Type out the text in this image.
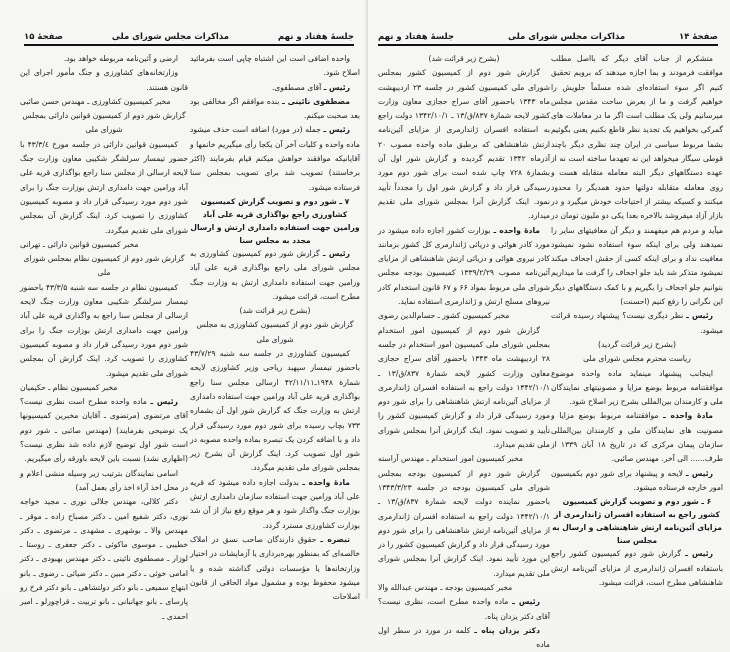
جلسهٔ هفتاد و نهم
مذاکرات مجلس شورای ملی
صفحهٔ ۱۵

واحده اضافی است این اشتباه چاپی است بفرمائید اصلاح شود.

رئیس ـ آقای مصطفوی.

مصطفوی نائینی ـ بنده موافقم اگر مخالفی بود بعد صحبت میکنم.

رئیس ـ جمله (در مورد) اضافه است حذف میشود ماده واحده و کلیات آخر آن یکجا رأی میگیریم خانمها و آقایانیکه موافقند خواهش میکنم قیام بفرمایند (اکثر برخاستند) تصویب شد برای تصویب بمجلس سنا فرستاده میشود.

۷ ـ شور دوم و تصویب گزارش کمیسیون کشاورزی راجع بواگذاری قریه علی آباد ورامین جهت استفاده دامداری ارتش و ارسال مجدد به مجلس سنا

رئیس ـ گزارش شور دوم کمیسیون کشاورزی به مجلس شورای ملی راجع بواگذاری قریه علی آباد ورامین جهت استفاده دامداری ارتش به وزارت جنگ مطرح است، قرائت میشود.

(بشرح زیر قرائت شد)

گزارش شور دوم از کمیسیون کشاورزی به مجلس شورای ملی

کمیسیون کشاورزی در جلسه سه شنبه ۴۳/۷/۲۹ باحضور تیمسار سپهبد ریاحی وزیر کشاورزی لایحه شمارهٔ ۱۹۴۸ـ۴۲/۱۱/۱۱ ارسالی مجلس سنا راجع بواگذاری قریه علی آباد ورامین جهت استفاده دامداری ارتش به وزارت جنگ که گزارش شور اول آن بشماره ۷۳۳ بچاپ رسیده برای شور دوم مورد رسیدگی قرار داد و با اضافه کردن یک تبصره بماده واحده مصوبه در شور اول تصویب کرد. اینک گزارش آن بشرح زیر بمجلس شورای ملی تقدیم میگردد.

مادهٔ واحده ـ بدولت اجازه داده میشود که قریه علی آباد ورامین جهت استفاده سازمان دامداری ارتش بوزارت جنگ واگذار شود و هر موقع رفع نیاز از آن شد بوزارت کشاورزی مسترد گردد.

تبصره ـ حقوق دارندگان صاحب نسق در املاک خالصه‌ای که بمنظور بهره‌برداری یا آزمایشات در اختیار وزارتخانه‌ها یا مؤسسات دولتی گذاشته شده و یا میشود محفوظ بوده و مشمول مواد الحاقی از قانون اصلاحات

ارضی و آئین‌نامه مربوطه خواهد بود.

وزارتخانه‌های کشاورزی و جنگ مأمور اجرای این قانون هستند.

مخبر کمیسیون کشاورزی ـ مهندس حسن صائبی

گزارش شور دوم از کمیسیون قوانین دارائی بمجلس شورای ملی

کمیسیون قوانین دارائی در جلسه مورخ ۴۳/۳/٤ با حضور تیمسار سرلشگر شکیبی معاون وزارت جنگ لایحه ارسالی از مجلس سنا راجع بواگذاری قریه علی آباد ورامین جهت دامداری ارتش بوزارت جنگ را برای شور دوم مورد رسیدگی قرار داد و مصوبه کمیسیون کشاورزی را تصویب کرد. اینک گزارش آن بمجلس شورای ملی تقدیم میگردد.

مخبر کمیسیون قوانین دارائی ـ تهرانی

گزارش شور دوم از کمیسیون نظام بمجلس شورای ملی

کمیسیون نظام در جلسه سه شنبه ۴۳/۳/۵ باحضور تیمسار سرلشگر شکیبی معاون وزارت جنگ لایحه ارسالی از مجلس سنا راجع به واگذاری قریه علی آباد ورامین جهت دامداری ارتش بوزارت جنگ را برای شور دوم مورد رسیدگی قرار داد و مصوبه کمیسیون کشاورزی را تصویب کرد. اینک گزارش آن بمجلس شورای ملی تقدیم میشود.

مخبر کمیسیون نظام ـ حکیمیان

رئیس ـ ماده واحده مطرح است نظری نیست؟ آقای مرتضوی (مرتضوی ـ آقایان مخبرین کمیسیونها یک توضیحی بفرمایند) (مهندس صائبی ـ شور دوم است شور اول توضیح لازم داده شد نظری نیست؟ (اظهاری نشد) نسبت باین لایحه باورقه رأی میگیریم.

اسامی نمایندگان بترتیب زیر وسیله منشی اعلام و در محل اخذ آراء اخذ رأی بعمل آمد)

دکتر کلالی، مهندس جلالی نوری ـ مجید خواجه نوری، دکتر شفیع امین ـ دکتر مصباح زاده ـ موقر ـ مهندس والا ـ بوشهری ـ مشهدی ـ مرتضوی ـ دکتر خطیبی ـ موسوی ماکوئی ـ دکتر جعفری ـ روستا ـ لوزار ـ مصطفوی نائینی ـ دکتر مهندس بهبودی ـ دکتر امامی خوئی ـ دکتر مبین ـ دکتر ضیائی ـ رضوی ـ بانو ابتهاج سمیعی ـ بانو دکتر دولتشاهی ـ بانو دکتر فرخ رو پارسای ـ بانو جهانبانی ـ بانو تربیت ـ قراچورلو ـ امیر احمدی ـ

صفحهٔ ۱۴
مذاکرات مجلس شورای ملی
جلسهٔ هفتاد و نهم

متشکرم از جناب آقای دیگر که بااصل مطلب موافقت فرمودند و بما اجازه میدهند که برویم تحقیق کنیم اگر سوء استفاده‌ای شده مسلماً جلویش را خواهیم گرفت و ما از بعرض ساحت مقدس مجلس میرسانیم ولی یک مطلب است اگر ما در معاملات های گمرکی بخواهیم یک تجدید نظر قاطع بکنیم یعنی بگوئیم بشما مربوط سیاسی در ایران چند نظری دیگر باچند قوطی سیگار میخواهد این نه تعهدما ساخته است نه از عهده دستگاههای دیگر البته معامله متقابله هست و روی معامله متقابله دولتها حدود همدیگر را محدود میکنند و کسیکه بیشتر از احتیاجات خودش میگیرد و در بازار آزاد میفروشد بالاخره بعدا یکی دو ملیون تومان در میآید و مردم هم میفهمند و دیگر آن معافیتهای سایر را نمیدهند ولی برای اینکه سوء استفاده نشود نمیشود معافیت نداد و برای اینکه کسی از حقش اجحاف میکند نمیشود متذکر شد باید جلو اجحاف را گرفت ما میداریم بتوانیم جلو اجحاف را بگیریم و با کمک دستگاههای دیگر این نگرانی را رفع کنیم (احسنت)

رئیس ـ نظر دیگری نیست؟ پیشنهاد رسیده قرائت میشود.

(بشرح زیر قرائت گردید)

ریاست محترم مجلس شورای ملی

اینجانب پیشنهاد مینماید ماده واحده موضوع موافقتنامه مربوط بوضع مزایا و مصونیتهای نمایندگان ملی و کارمندان بین‌المللی بشرح زیر اصلاح شود.

مادهٔ واحده ـ موافقتنامه مربوط بوضع مزایا و مصونیت های نمایندگان ملی و کارمندان بین‌المللی سازمان پیمان مرکزی که در تاریخ ۱۸ آبان ۱۳۳۹ از طرف...... الی آخر. مهندس صائبی.

رئیس ـ لایحه و پیشنهاد برای شور دوم بکمیسیون امور خارجه فرستاده میشود.

۶ ـ شور دوم و تصویب گزارش کمیسیون کشور راجع به استفاده افسران ژاندارمری از مزایای آئین‌نامه ارتش شاهنشاهی و ارسال به مجلس سنا

رئیس ـ گزارش شور دوم کمیسیون کشور راجع باستفاده افسران ژاندارمری از مزایای آئین‌نامه ارتش شاهنشاهی مطرح است، قرائت میشود.

(بشرح زیر قرائت شد)

گزارش شور دوم از کمیسیون کشور بمجلس شورای ملی کمیسیون کشور در جلسه ۲۳ اردیبهشت ماه ۱۳۴۳ باحضور آقای سراج حجازی معاون وزارت کشور لایحه شمارهٔ ۸۳۷/ق/۱۳ ـ ۱۳۴۲/۱۰/۱ دولت راجع به استفاده افسران ژاندارمری از مزایای آئین‌نامه ارتش شاهنشاهی که برطبق ماده واحده مصوب ۲۰ آذرماه ۱۳۴۲ تقدیم گردیده و گزارش شور اول آن بشمارهٔ ۷۲۸ چاپ شده است برای شور دوم مورد رسیدگی قرار داد و گزارش شور اول را مجدداً تأیید نمود. اینک گزارش آنرا بمجلس شورای ملی تقدیم میدارد.

مادهٔ واحده ـ بوزارت کشور اجازه داده میشود در مورد کادر هوائی و دریائی ژاندارمری کل کشور بزمانند کادر نیروی هوائی و دریائی ارتش شاهنشاهی از مزایای آئین‌نامه مصوب ۱۳۳۹/۲/۲۹ کمیسیون بودجه مجلس شورای ملی مربوط بمواد ۶۶ و ۶۷ قانون استخدام کادر نیروهای مسلح ارتش و ژاندارمری استفاده نماید.

مخبر کمیسیون کشور ـ حسام‌الدین رضوی

گزارش شور دوم از کمیسیون امور استخدام بمجلس شورای ملی کمیسیون امور استخدام در جلسه ۲۸ اردیبهشت ماه ۱۳۴۳ باحضور آقای سراج حجازی معاون وزارت کشور لایحه شمارهٔ ۸۳۷/ق/۱۳ ـ ۱۳۴۲/۱۰/۱ دولت راجع به استفاده افسران ژاندارمری از مزایای آئین‌نامه ارتش شاهنشاهی را برای شور دوم مورد رسیدگی قرار داد و گزارش کمیسیون کشور را تأیید و تصویب نمود. اینک گزارش آنرا بمجلس شورای ملی تقدیم میدارد.

مخبر کمیسیون امور استخدام ـ مهندس آراسته

گزارش شور دوم از کمیسیون بودجه بمجلس شورای ملی کمیسیون بودجه در جلسه ۱۳۴۳/۳/۲۳ باحضور نماینده دولت لایحه شمارهٔ ۸۳۷/ق/۱۳ ـ ۱۳۴۲/۱۰/۱ دولت راجع به استفاده افسران ژاندارمری از مزایای آئین‌نامه ارتش شاهنشاهی را برای شور دوم مورد رسیدگی قرار داد و گزارش کمیسیون کشور را در این مورد تأیید نمود. اینک گزارش آنرا بمجلس شورای ملی تقدیم میدارد.

مخبر کمیسیون بودجه ـ مهندس عبدالله والا

رئیس ـ ماده واحده مطرح است، نظری نیست؟ آقای دکتر یزدان پناه.

دکتر یزدان پناه ـ کلمه در مورد در سطر اول ماده
